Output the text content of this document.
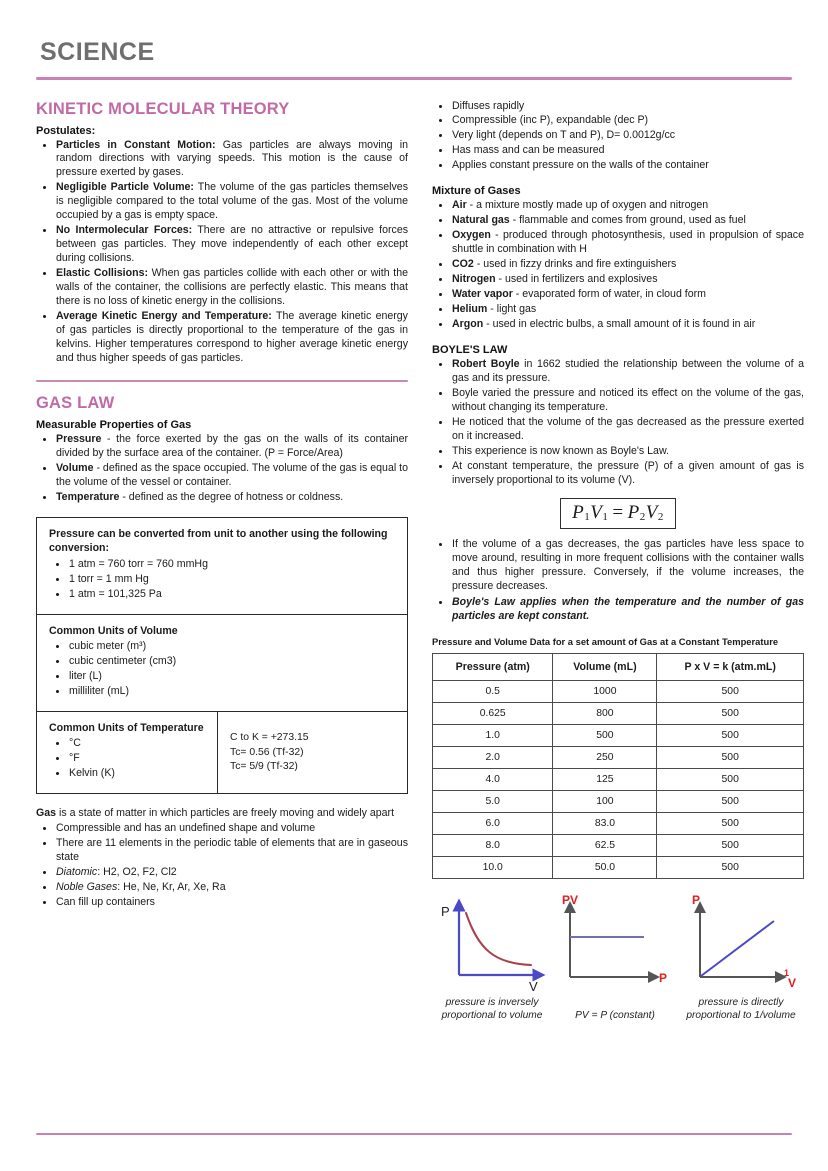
SCIENCE
KINETIC MOLECULAR THEORY
Postulates:
• Particles in Constant Motion: Gas particles are always moving in random directions with varying speeds. This motion is the cause of pressure exerted by gases.
• Negligible Particle Volume: The volume of the gas particles themselves is negligible compared to the total volume of the gas. Most of the volume occupied by a gas is empty space.
• No Intermolecular Forces: There are no attractive or repulsive forces between gas particles. They move independently of each other except during collisions.
• Elastic Collisions: When gas particles collide with each other or with the walls of the container, the collisions are perfectly elastic. This means that there is no loss of kinetic energy in the collisions.
• Average Kinetic Energy and Temperature: The average kinetic energy of gas particles is directly proportional to the temperature of the gas in kelvins. Higher temperatures correspond to higher average kinetic energy and thus higher speeds of gas particles.
GAS LAW
Measurable Properties of Gas
• Pressure - the force exerted by the gas on the walls of its container divided by the surface area of the container. (P = Force/Area)
• Volume - defined as the space occupied. The volume of the gas is equal to the volume of the vessel or container.
• Temperature - defined as the degree of hotness or coldness.
Pressure can be converted from unit to another using the following conversion:
• 1 atm = 760 torr = 760 mmHg
• 1 torr = 1 mm Hg
• 1 atm = 101,325 Pa
Common Units of Volume
• cubic meter (m³)
• cubic centimeter (cm3)
• liter (L)
• milliliter (mL)
Common Units of Temperature
• °C
• °F
• Kelvin (K)
C to K = +273.15
Tc= 0.56 (Tf-32)
Tc= 5/9 (Tf-32)

Gas is a state of matter in which particles are freely moving and widely apart

• Compressible and has an undefined shape and volume
• There are 11 elements in the periodic table of elements that are in gaseous state
• Diatomic: H2, O2, F2, Cl2
• Noble Gases: He, Ne, Kr, Ar, Xe, Ra
• Can fill up containers
• Diffuses rapidly
• Compressible (inc P), expandable (dec P)
• Very light (depends on T and P), D= 0.0012g/cc
• Has mass and can be measured
• Applies constant pressure on the walls of the container
Mixture of Gases
• Air - a mixture mostly made up of oxygen and nitrogen
• Natural gas - flammable and comes from ground, used as fuel
• Oxygen - produced through photosynthesis, used in propulsion of space shuttle in combination with H
• CO2 - used in fizzy drinks and fire extinguishers
• Nitrogen - used in fertilizers and explosives
• Water vapor - evaporated form of water, in cloud form
• Helium - light gas
• Argon - used in electric bulbs, a small amount of it is found in air
BOYLE'S LAW
• Robert Boyle in 1662 studied the relationship between the volume of a gas and its pressure.
• Boyle varied the pressure and noticed its effect on the volume of the gas, without changing its temperature.
• He noticed that the volume of the gas decreased as the pressure exerted on it increased.
• This experience is now known as Boyle's Law.
• At constant temperature, the pressure (P) of a given amount of gas is inversely proportional to its volume (V).
$P_1V_1 = P_2V_2$
• If the volume of a gas decreases, the gas particles have less space to move around, resulting in more frequent collisions with the container walls and thus higher pressure. Conversely, if the volume increases, the pressure decreases.
• Boyle's Law applies when the temperature and the number of gas particles are kept constant.
Pressure and Volume Data for a set amount of Gas at a Constant Temperature
Pressure (atm)	Volume (mL)	P x V = k (atm.mL)
0.5	1000	500
0.625	800	500
1.0	500	500
2.0	250	500
4.0	125	500
5.0	100	500
6.0	83.0	500
8.0	62.5	500
10.0	50.0	500
P
V
pressure is inversely proportional to volume
PV
P
PV = P (constant)
P
1
V
pressure is directly proportional to 1/volume
